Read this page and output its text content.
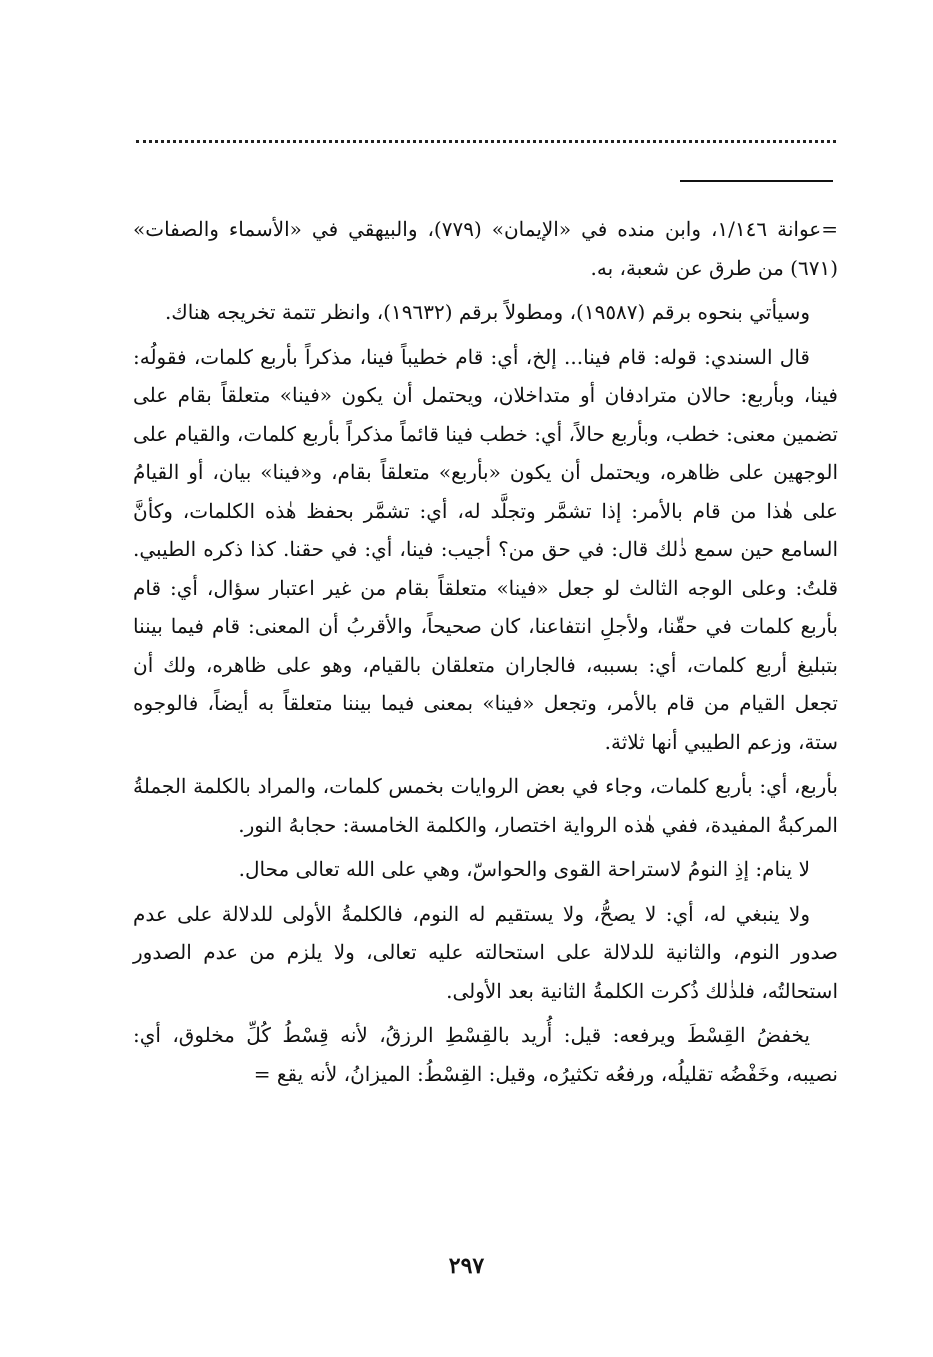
=عوانة ١/١٤٦، وابن منده في «الإيمان» (٧٧٩)، والبيهقي في «الأسماء والصفات» (٦٧١) من طرق عن شعبة، به.

وسيأتي بنحوه برقم (١٩٥٨٧)، ومطولاً برقم (١٩٦٣٢)، وانظر تتمة تخريجه هناك.

قال السندي: قوله: قام فينا... إلخ، أي: قام خطيباً فينا، مذكراً بأربع كلمات، فقولُه: فينا، وبأربع: حالان مترادفان أو متداخلان، ويحتمل أن يكون «فينا» متعلقاً بقام على تضمين معنى: خطب، وبأربع حالاً، أي: خطب فينا قائماً مذكراً بأربع كلمات، والقيام على الوجهين على ظاهره، ويحتمل أن يكون «بأربع» متعلقاً بقام، و«فينا» بيان، أو القيامُ على هٰذا من قام بالأمر: إذا تشمَّر وتجلَّد له، أي: تشمَّر بحفظ هٰذه الكلمات، وكأنَّ السامع حين سمع ذٰلك قال: في حق من؟ أجيب: فينا، أي: في حقنا. كذا ذكره الطيبي. قلتُ: وعلى الوجه الثالث لو جعل «فينا» متعلقاً بقام من غير اعتبار سؤال، أي: قام بأربع كلمات في حقّنا، ولأجلِ انتفاعنا، كان صحيحاً، والأقربُ أن المعنى: قام فيما بيننا بتبليغ أربع كلمات، أي: بسببه، فالجاران متعلقان بالقيام، وهو على ظاهره، ولك أن تجعل القيام من قام بالأمر، وتجعل «فينا» بمعنى فيما بيننا متعلقاً به أيضاً، فالوجوه ستة، وزعم الطيبي أنها ثلاثة.

بأربع، أي: بأربع كلمات، وجاء في بعض الروايات بخمس كلمات، والمراد بالكلمة الجملةُ المركبةُ المفيدة، ففي هٰذه الرواية اختصار، والكلمة الخامسة: حجابهُ النور.

لا ينام: إذِ النومُ لاستراحة القوى والحواسّ، وهي على الله تعالى محال.

ولا ينبغي له، أي: لا يصحُّ، ولا يستقيم له النوم، فالكلمةُ الأولى للدلالة على عدم صدور النوم، والثانية للدلالة على استحالته عليه تعالى، ولا يلزم من عدم الصدور استحالتُه، فلذٰلك ذُكرت الكلمةُ الثانية بعد الأولى.

يخفضُ القِسْطَ ويرفعه: قيل: أُريد بالقِسْطِ الرزقُ، لأنه قِسْطُ كُلِّ مخلوق، أي: نصيبه، وخَفْضُه تقليلُه، ورفعُه تكثيرُه، وقيل: القِسْطُ: الميزانُ، لأنه يقع =

٢٩٧
